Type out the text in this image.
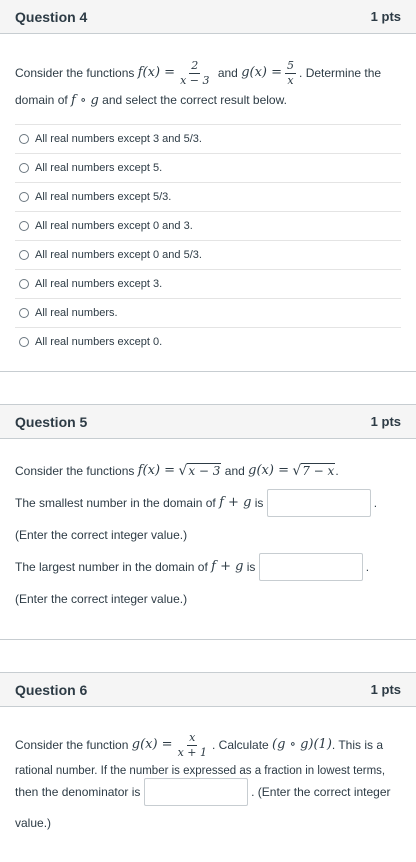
Question 4	1 pts
Consider the functions
$f(x) = \frac{2}{x - 3}$
and
$g(x) = \frac{5}{x}$ . Determine the
domain of f ∘ g and select the correct result below.
All real numbers except 3 and 5/3.
All real numbers except 5.
All real numbers except 5/3.
All real numbers except 0 and 3.
All real numbers except 0 and 5/3.
All real numbers except 3.
All real numbers.
All real numbers except 0.
Question 5	1 pts
Consider the functions
f(x) =
√ x − 3
and
g(x) =
√ 7 − x .
The smallest number in the domain of
f + g
is
	.
(Enter the correct integer value.)
The largest number in the domain of
f + g
is
	.
(Enter the correct integer value.)
Question 6	1 pts
Consider the function
$g(x) = \frac{x}{x + 1}$ . Calculate
(g ∘ g)(1) . This is a
rational number. If the number is expressed as a fraction in lowest terms,
then the denominator is

	. (Enter the correct integer
value.)
